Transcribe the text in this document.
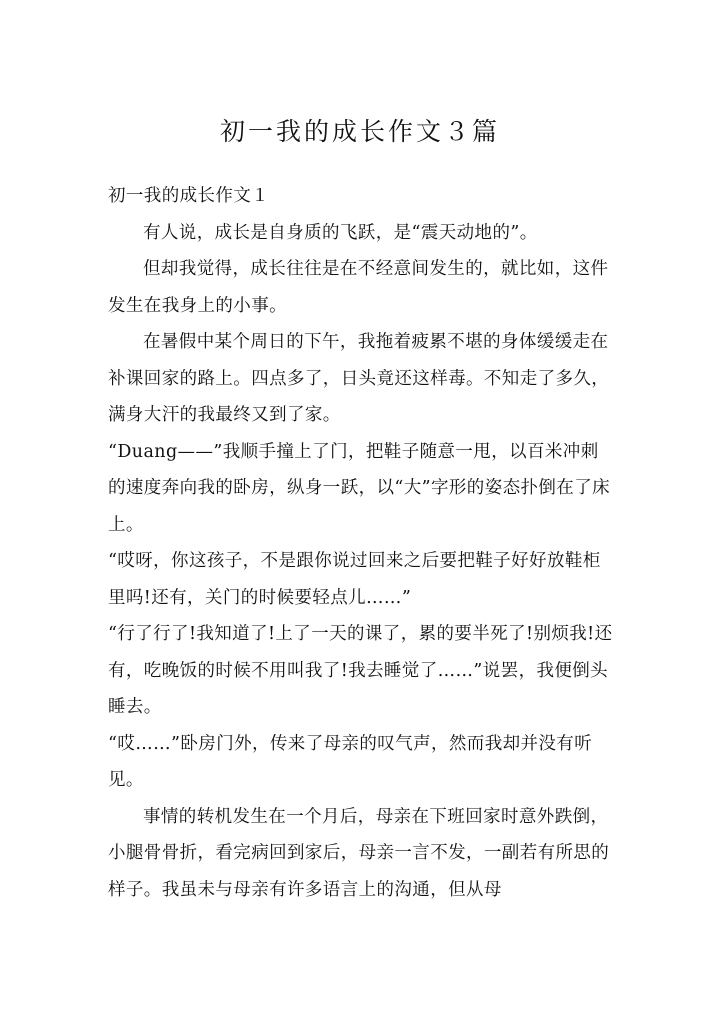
初一我的成长作文３篇

初一我的成长作文１

有人说，成长是自身质的飞跃，是“震天动地的”。

但却我觉得，成长往往是在不经意间发生的，就比如，这件发生在我身上的小事。

在暑假中某个周日的下午，我拖着疲累不堪的身体缓缓走在补课回家的路上。四点多了，日头竟还这样毒。不知走了多久，满身大汗的我最终又到了家。

“Duang——”我顺手撞上了门，把鞋子随意一甩，以百米冲刺的速度奔向我的卧房，纵身一跃，以“大”字形的姿态扑倒在了床上。

“哎呀，你这孩子，不是跟你说过回来之后要把鞋子好好放鞋柜里吗!还有，关门的时候要轻点儿……”

“行了行了!我知道了!上了一天的课了，累的要半死了!别烦我!还有，吃晚饭的时候不用叫我了!我去睡觉了……”说罢，我便倒头睡去。

“哎……”卧房门外，传来了母亲的叹气声，然而我却并没有听见。

事情的转机发生在一个月后，母亲在下班回家时意外跌倒，小腿骨骨折，看完病回到家后，母亲一言不发，一副若有所思的样子。我虽未与母亲有许多语言上的沟通，但从母
